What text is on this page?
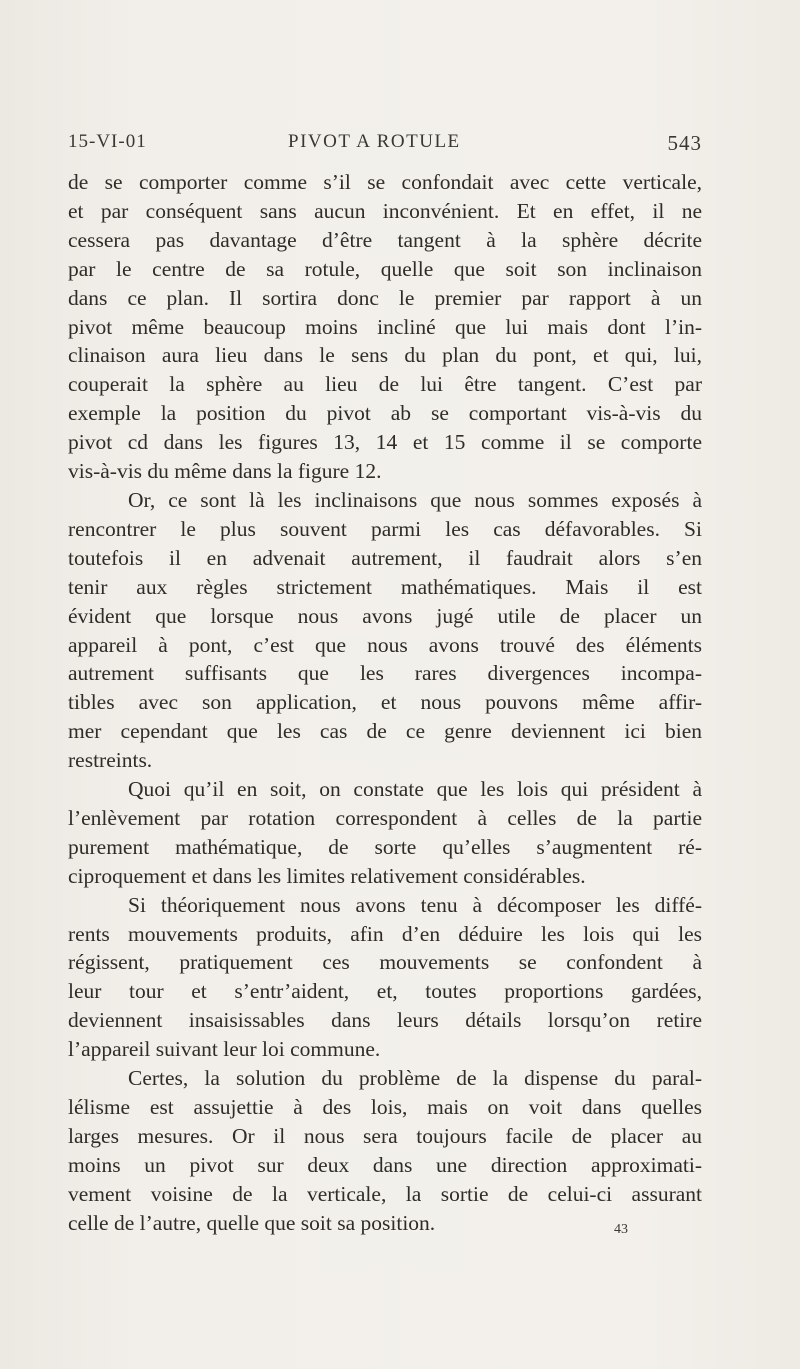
15-VI-01	PIVOT A ROTULE	543

de se comporter comme s’il se confondait avec cette verticale,
et par conséquent sans aucun inconvénient. Et en effet, il ne
cessera pas davantage d’être tangent à la sphère décrite
par le centre de sa rotule, quelle que soit son inclinaison
dans ce plan. Il sortira donc le premier par rapport à un
pivot même beaucoup moins incliné que lui mais dont l’in-
clinaison aura lieu dans le sens du plan du pont, et qui, lui,
couperait la sphère au lieu de lui être tangent. C’est par
exemple la position du pivot ab se comportant vis-à-vis du
pivot cd dans les figures 13, 14 et 15 comme il se comporte
vis-à-vis du même dans la figure 12.

Or, ce sont là les inclinaisons que nous sommes exposés à
rencontrer le plus souvent parmi les cas défavorables. Si
toutefois il en advenait autrement, il faudrait alors s’en
tenir aux règles strictement mathématiques. Mais il est
évident que lorsque nous avons jugé utile de placer un
appareil à pont, c’est que nous avons trouvé des éléments
autrement suffisants que les rares divergences incompa-
tibles avec son application, et nous pouvons même affir-
mer cependant que les cas de ce genre deviennent ici bien
restreints.

Quoi qu’il en soit, on constate que les lois qui président à
l’enlèvement par rotation correspondent à celles de la partie
purement mathématique, de sorte qu’elles s’augmentent ré-
ciproquement et dans les limites relativement considérables.

Si théoriquement nous avons tenu à décomposer les diffé-
rents mouvements produits, afin d’en déduire les lois qui les
régissent, pratiquement ces mouvements se confondent à
leur tour et s’entr’aident, et, toutes proportions gardées,
deviennent insaisissables dans leurs détails lorsqu’on retire
l’appareil suivant leur loi commune.

Certes, la solution du problème de la dispense du paral-
lélisme est assujettie à des lois, mais on voit dans quelles
larges mesures. Or il nous sera toujours facile de placer au
moins un pivot sur deux dans une direction approximati-
vement voisine de la verticale, la sortie de celui-ci assurant
celle de l’autre, quelle que soit sa position.	43
